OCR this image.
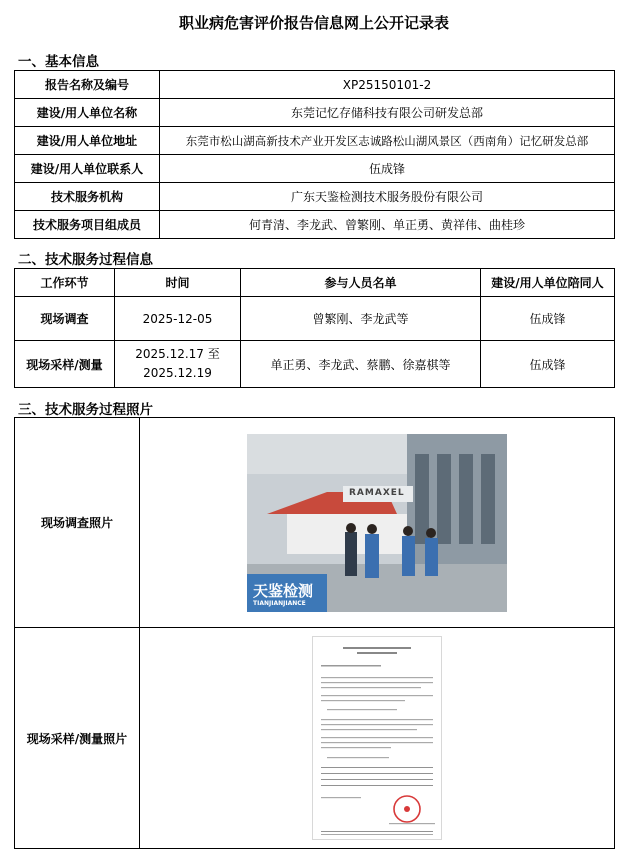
职业病危害评价报告信息网上公开记录表
一、基本信息
报告名称及编号	XP25150101-2
建设/用人单位名称	东莞记忆存储科技有限公司研发总部
建设/用人单位地址	东莞市松山湖高新技术产业开发区志诚路松山湖风景区（西南角）记忆研发总部
建设/用人单位联系人	伍成锋
技术服务机构	广东天鉴检测技术服务股份有限公司
技术服务项目组成员	何青清、李龙武、曾繁刚、单正勇、黄祥伟、曲桂珍
二、技术服务过程信息
工作环节	时间	参与人员名单	建设/用人单位陪同人
现场调查	2025-12-05	曾繁刚、李龙武等	伍成锋
现场采样/测量	2025.12.17 至 2025.12.19	单正勇、李龙武、蔡鹏、徐嘉棋等	伍成锋
三、技术服务过程照片
现场调查照片	RAMAXEL
天鉴检测
TIANJIANJIANCE

现场采样/测量照片	
